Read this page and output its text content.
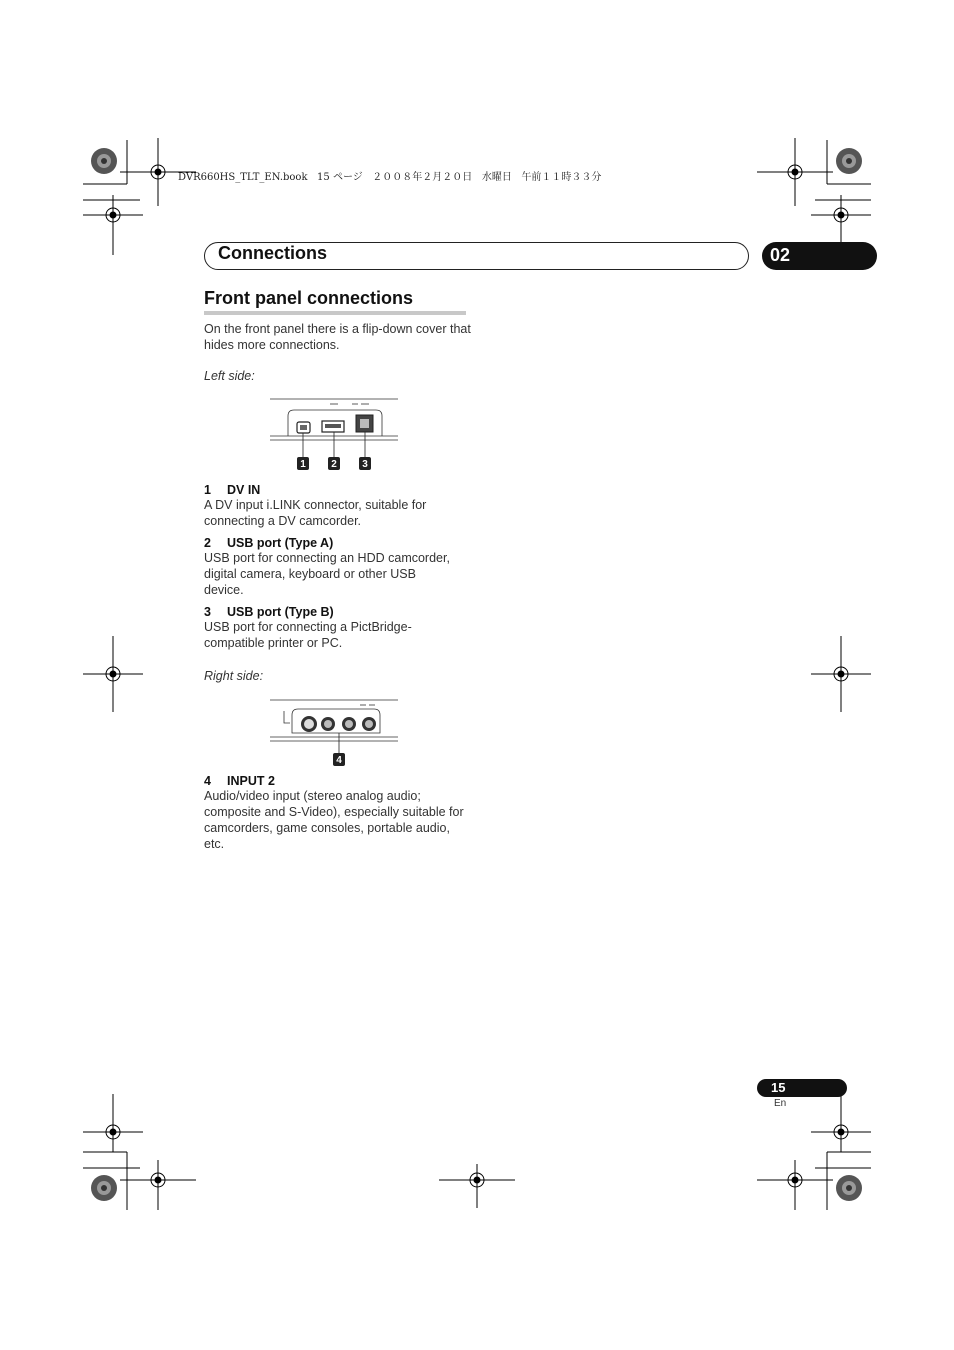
DVR660HS_TLT_EN.book   15 ページ   ２００８年２月２０日   水曜日   午前１１時３３分
Connections	02
Front panel connections
On the front panel there is a flip-down cover that hides more connections.
Left side:
1	2	3
1 DV IN
A DV input i.LINK connector, suitable for connecting a DV camcorder.
2 USB port (Type A)
USB port for connecting an HDD camcorder, digital camera, keyboard or other USB device.
3 USB port (Type B)
USB port for connecting a PictBridge-compatible printer or PC.
Right side:
4
4 INPUT 2
Audio/video input (stereo analog audio; composite and S-Video), especially suitable for camcorders, game consoles, portable audio, etc.
15
En
